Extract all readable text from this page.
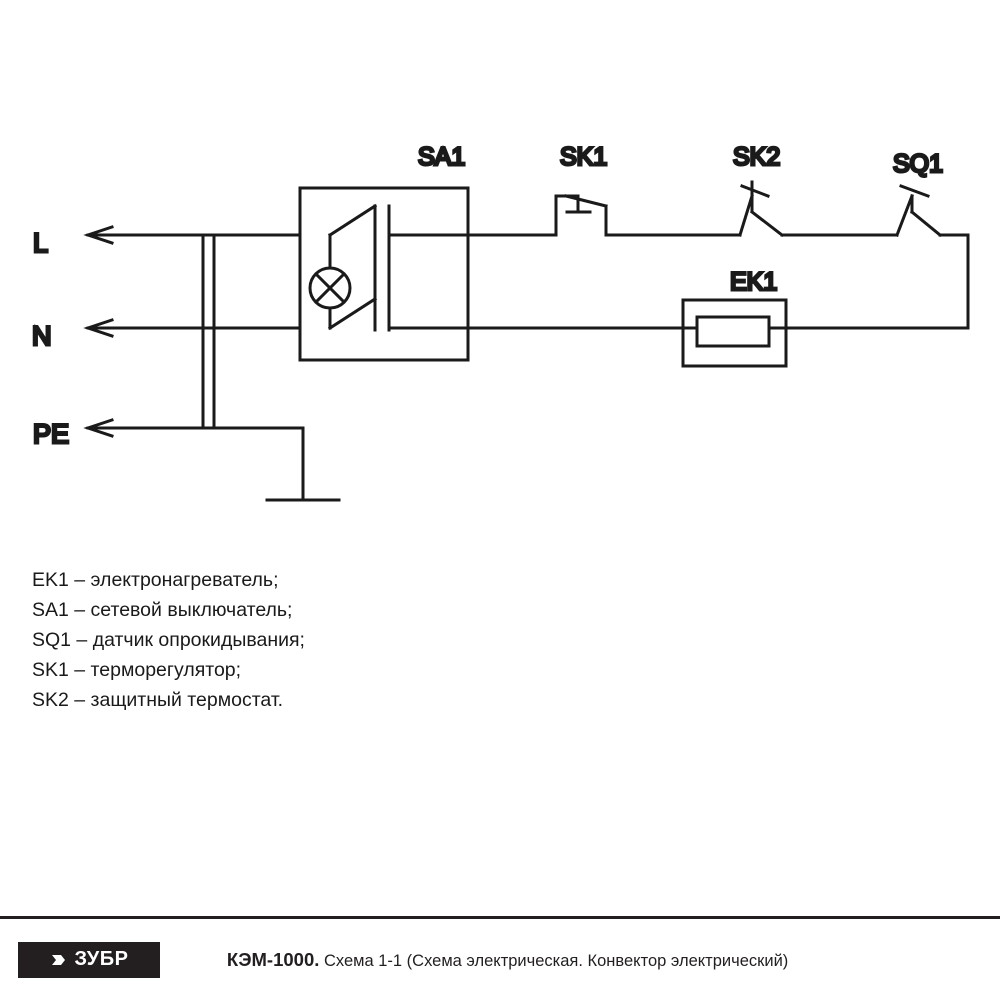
SA1	SK1	SK2	SQ1
EK1
L
N
PE
EK1 – электронагреватель;
SA1 – сетевой выключатель;
SQ1 – датчик опрокидывания;
SK1 – терморегулятор;
SK2 – защитный термостат.
ЗУБР	КЭМ-1000. Схема 1-1 (Схема электрическая. Конвектор электрический)
